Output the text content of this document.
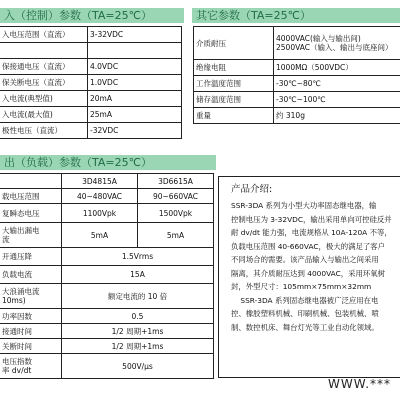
入（控制）参数（TA=25℃）
入电压范围（直流）	3-32VDC

保接通电压（直流）	4.0VDC
保关断电压（直流）	1.0VDC
入电流(典型值)	20mA
入电流(最大值)	25mA
极性电压（直流）	-32VDC
其它参数（TA=25℃）
介质耐压	4000VAC(输入与输出间)
2500VAC（输入、输出与底座间）
绝缘电阻	1000MΩ（500VDC）
工作温度范围	-30℃~80℃
储存温度范围	-30℃~100℃
重量	约 310g
出（负载）参数（TA=25℃）
	3D4815A	3D6615A
载电压范围	40~480VAC	90~660VAC
复瞬态电压	1100Vpk	1500Vpk
大输出漏电
流	5mA	5mA
开通压降	1.5Vrms	
负载电流	15A	
大浪涌电流
10ms)	额定电流的 10 倍	
功率因数	0.5	
接通时间	1/2 周期+1ms	
关断时间	1/2 周期+1ms	
电压指数
率 dv/dt	500V/μs	
产品介绍:
SSR-3DA 系列为小型大功率固态继电器，输
控制电压为 3-32VDC，输出采用单向可控硅反并
耐 dv/dt 能力强，电流规格从 10A-120A 不等，
负载电压范围 40-660VAC，极大的满足了客户
不同场合的需要。该产品输入与输出之间采用
隔离，其介质耐压达到 4000VAC，采用环氧树
封，外型尺寸：105mm×75mm×32mm
SSR-3DA 系列固态继电器被广泛应用在电
控、橡胶塑料机械、印刷机械、包装机械、喷
制、数控机床、舞台灯光等工业自动化领域。
WWW.***
